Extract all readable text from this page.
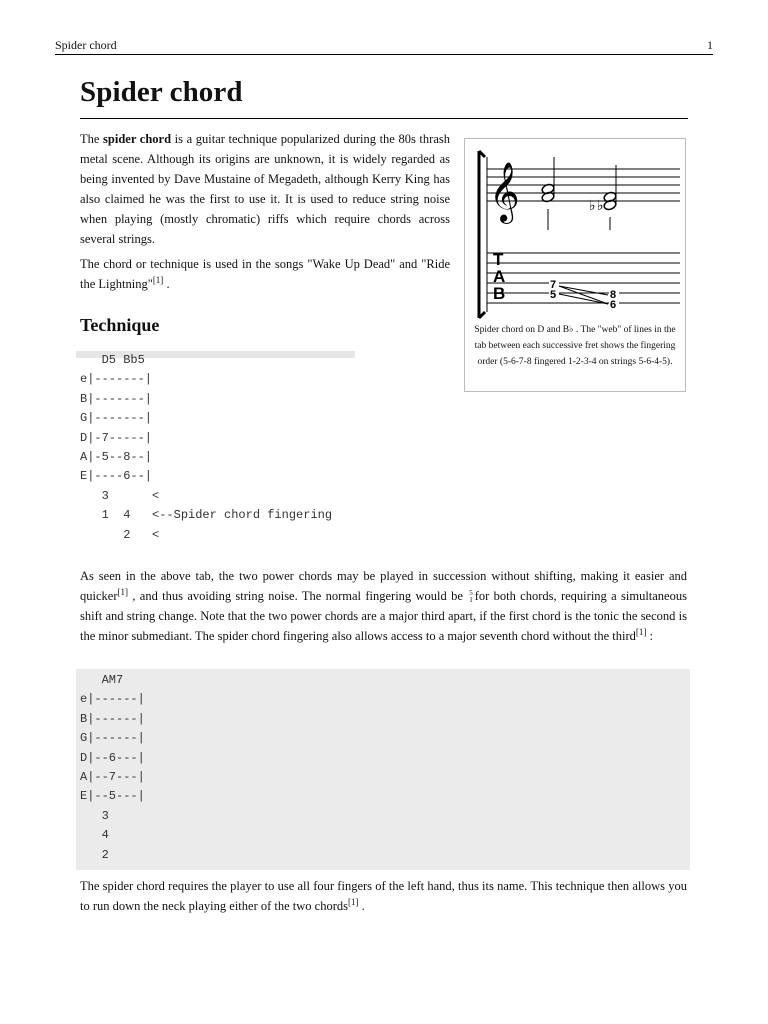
Spider chord	1
Spider chord

The spider chord is a guitar technique popularized during the 80s thrash metal scene. Although its origins are unknown, it is widely regarded as being invented by Dave Mustaine of Megadeth, although Kerry King has also claimed he was the first to use it. It is used to reduce string noise when playing (mostly chromatic) riffs which require chords across several strings.

The chord or technique is used in the songs "Wake Up Dead" and "Ride the Lightning"[1] .

Technique
D5 Bb5
e|-------|
B|-------|
G|-------|
D|-7-----|
A|-5--8--|
E|----6--|
3      <
1  4   <--Spider chord fingering
2   <

As seen in the above tab, the two power chords may be played in succession without shifting, making it easier and quicker[1] , and thus avoiding string noise. The normal fingering would be 5
1 for both chords, requiring a simultaneous shift and string change. Note that the two power chords are a major third apart, if the first chord is the tonic the second is the minor submediant. The spider chord fingering also allows access to a major seventh chord without the third[1] :

AM7
e|------|
B|------|
G|------|
D|--6---|
A|--7---|
E|--5---|
3
4
2

The spider chord requires the player to use all four fingers of the left hand, thus its name. This technique then allows you to run down the neck playing either of the two chords[1] .

𝄞	♭ ♭
T
A
B	7
5	8
6
Spider chord on D and B♭ . The "web" of lines in the tab between each successive fret shows the fingering order (5-6-7-8 fingered 1-2-3-4 on strings 5-6-4-5).
